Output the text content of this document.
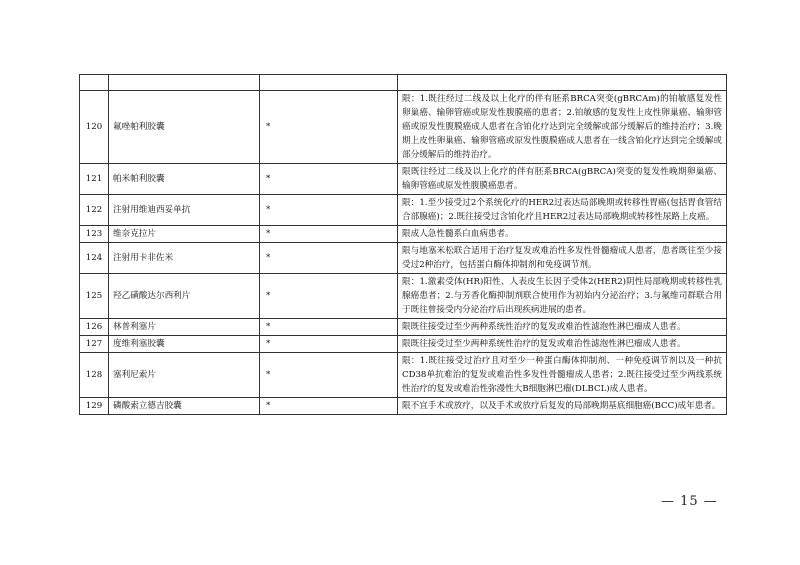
120	氟唑帕利胶囊	*	限：1.既往经过二线及以上化疗的伴有胚系BRCA突变(gBRCAm)的铂敏感复发性卵巢癌、输卵管癌或原发性腹膜癌的患者；2.铂敏感的复发性上皮性卵巢癌、输卵管癌或原发性腹膜癌成人患者在含铂化疗达到完全缓解或部分缓解后的维持治疗；3.晚期上皮性卵巢癌、输卵管癌或原发性腹膜癌成人患者在一线含铂化疗达到完全缓解或部分缓解后的维持治疗。
121	帕米帕利胶囊	*	限既往经过二线及以上化疗的伴有胚系BRCA(gBRCA)突变的复发性晚期卵巢癌、输卵管癌或原发性腹膜癌患者。
122	注射用维迪西妥单抗	*	限：1.至少接受过2个系统化疗的HER2过表达局部晚期或转移性胃癌(包括胃食管结合部腺癌)；2.既往接受过含铂化疗且HER2过表达局部晚期或转移性尿路上皮癌。
123	维奈克拉片	*	限成人急性髓系白血病患者。
124	注射用卡非佐米	*	限与地塞米松联合适用于治疗复发或难治性多发性骨髓瘤成人患者，患者既往至少接受过2种治疗，包括蛋白酶体抑制剂和免疫调节剂。
125	羟乙磺酸达尔西利片	*	限：1.激素受体(HR)阳性、人表皮生长因子受体2(HER2)阴性局部晚期或转移性乳腺癌患者；2.与芳香化酶抑制剂联合使用作为初始内分泌治疗；3.与氟维司群联合用于既往曾接受内分泌治疗后出现疾病进展的患者。
126	林普利塞片	*	限既往接受过至少两种系统性治疗的复发或难治性滤泡性淋巴瘤成人患者。
127	度维利塞胶囊	*	限既往接受过至少两种系统性治疗的复发或难治性滤泡性淋巴瘤成人患者。
128	塞利尼索片	*	限：1.既往接受过治疗且对至少一种蛋白酶体抑制剂、一种免疫调节剂以及一种抗CD38单抗难治的复发或难治性多发性骨髓瘤成人患者；2.既往接受过至少两线系统性治疗的复发或难治性弥漫性大B细胞淋巴瘤(DLBCL)成人患者。
129	磷酸索立德吉胶囊	*	限不宜手术或放疗，以及手术或放疗后复发的局部晚期基底细胞癌(BCC)成年患者。
— 15 —
